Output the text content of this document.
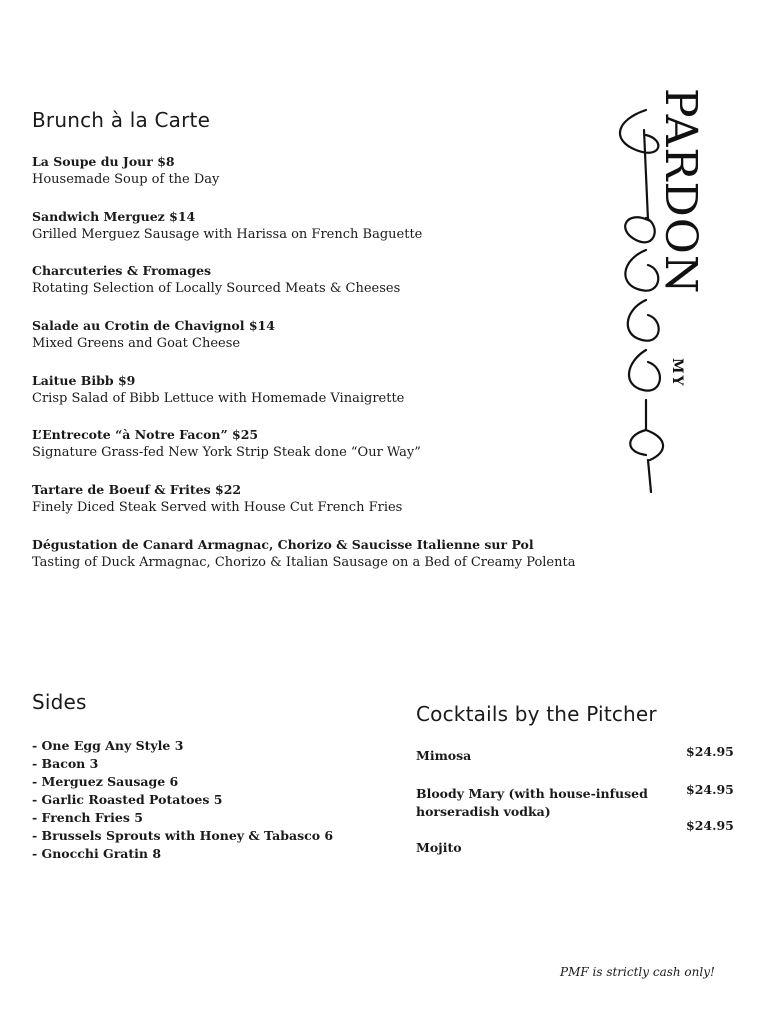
Brunch à la Carte
La Soupe du Jour $8
Housemade Soup of the Day
Sandwich Merguez $14
Grilled Merguez Sausage with Harissa on French Baguette
Charcuteries & Fromages
Rotating Selection of Locally Sourced Meats & Cheeses
Salade au Crotin de Chavignol $14
Mixed Greens and Goat Cheese
Laitue Bibb $9
Crisp Salad of Bibb Lettuce with Homemade Vinaigrette
L’Entrecote “à Notre Facon” $25
Signature Grass-fed New York Strip Steak done “Our Way”
Tartare de Boeuf & Frites $22
Finely Diced Steak Served with House Cut French Fries
Dégustation de Canard Armagnac, Chorizo & Saucisse Italienne sur Pol
Tasting of Duck Armagnac, Chorizo & Italian Sausage on a Bed of Creamy Polenta
PARDON
MY
Sides
- One Egg Any Style 3
- Bacon 3
- Merguez Sausage 6
- Garlic Roasted Potatoes 5
- French Fries 5
- Brussels Sprouts with Honey & Tabasco 6
- Gnocchi Gratin 8
Cocktails by the Pitcher
Mimosa	$24.95
Bloody Mary (with house-infused horseradish vodka)
$24.95
Mojito
$24.95
PMF is strictly cash only!
